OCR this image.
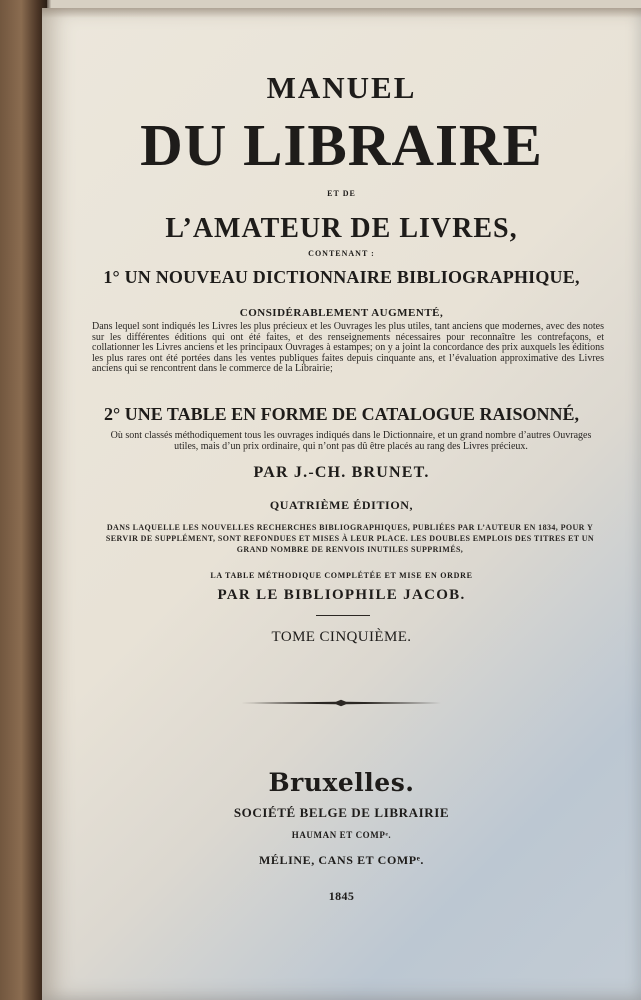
MANUEL
DU LIBRAIRE
ET DE
L’AMATEUR DE LIVRES,
CONTENANT :
1° UN NOUVEAU DICTIONNAIRE BIBLIOGRAPHIQUE,
CONSIDÉRABLEMENT AUGMENTÉ,
Dans lequel sont indiqués les Livres les plus précieux et les Ouvrages les plus utiles, tant anciens que modernes, avec des notes sur les différentes éditions qui ont été faites, et des renseignements nécessaires pour reconnaître les contrefaçons, et collationner les Livres anciens et les principaux Ouvrages à estampes; on y a joint la concordance des prix auxquels les éditions les plus rares ont été portées dans les ventes publiques faites depuis cinquante ans, et l’évaluation approximative des Livres anciens qui se rencontrent dans le commerce de la Librairie;
2° UNE TABLE EN FORME DE CATALOGUE RAISONNÉ,
Où sont classés méthodiquement tous les ouvrages indiqués dans le Dictionnaire, et un grand nombre d’autres Ouvrages utiles, mais d’un prix ordinaire, qui n’ont pas dû être placés au rang des Livres précieux.
PAR J.-CH. BRUNET.
QUATRIÈME ÉDITION,
DANS LAQUELLE LES NOUVELLES RECHERCHES BIBLIOGRAPHIQUES, PUBLIÉES PAR L’AUTEUR EN 1834, POUR Y SERVIR DE SUPPLÉMENT, SONT REFONDUES ET MISES À LEUR PLACE. LES DOUBLES EMPLOIS DES TITRES ET UN GRAND NOMBRE DE RENVOIS INUTILES SUPPRIMÉS,
LA TABLE MÉTHODIQUE COMPLÉTÉE ET MISE EN ORDRE
PAR LE BIBLIOPHILE JACOB.
TOME CINQUIÈME.
Bruxelles.
SOCIÉTÉ BELGE DE LIBRAIRIE
HAUMAN ET COMPᵉ.
MÉLINE, CANS ET COMPᵉ.
1845
